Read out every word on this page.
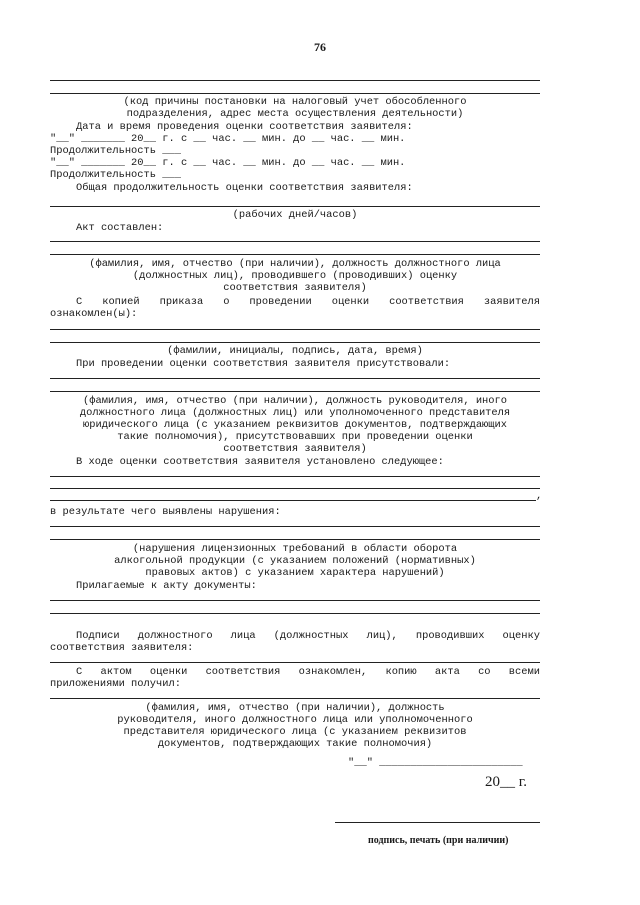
76
(код причины постановки на налоговый учет обособленного
подразделения, адрес места осуществления деятельности)
Дата и время проведения оценки соответствия заявителя:
"__" _______ 20__ г. с __ час. __ мин. до __ час. __ мин.
Продолжительность ___
"__" _______ 20__ г. с __ час. __ мин. до __ час. __ мин.
Продолжительность ___
Общая продолжительность оценки соответствия заявителя:
(рабочих дней/часов)
Акт составлен:
(фамилия, имя, отчество (при наличии), должность должностного лица
(должностных лиц), проводившего (проводивших) оценку
соответствия заявителя)
С копией приказа о проведении оценки соответствия заявителя
ознакомлен(ы):
(фамилии, инициалы, подпись, дата, время)
При проведении оценки соответствия заявителя присутствовали:
(фамилия, имя, отчество (при наличии), должность руководителя, иного
должностного лица (должностных лиц) или уполномоченного представителя
юридического лица (с указанием реквизитов документов, подтверждающих
такие полномочия), присутствовавших при проведении оценки
соответствия заявителя)
В ходе оценки соответствия заявителя установлено следующее:
,
в результате чего выявлены нарушения:
(нарушения лицензионных требований в области оборота
алкогольной продукции (с указанием положений (нормативных)
правовых актов) с указанием характера нарушений)
Прилагаемые к акту документы:
Подписи должностного лица (должностных лиц), проводивших оценку
соответствия заявителя:
С актом оценки соответствия ознакомлен, копию акта со всеми
приложениями получил:
(фамилия, имя, отчество (при наличии), должность
руководителя, иного должностного лица или уполномоченного
представителя юридического лица (с указанием реквизитов
документов, подтверждающих такие полномочия)
"__" _______________________
20__ г.
подпись, печать (при наличии)
